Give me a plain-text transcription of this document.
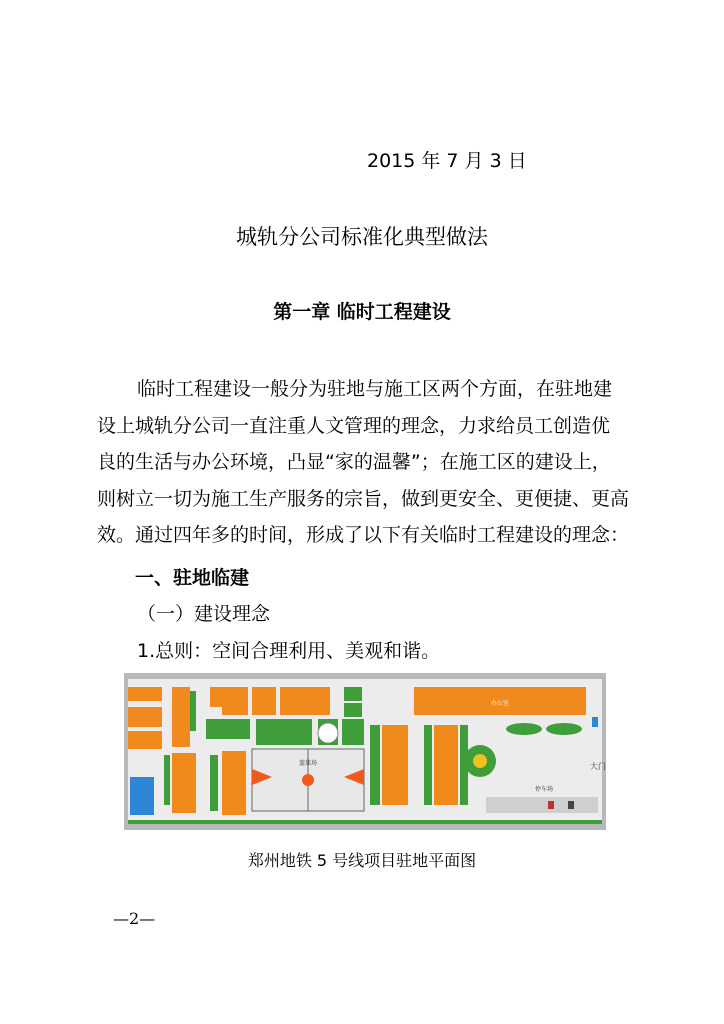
2015 年 7 月 3 日
城轨分公司标准化典型做法
第一章 临时工程建设

临时工程建设一般分为驻地与施工区两个方面，在驻地建

设上城轨分公司一直注重人文管理的理念，力求给员工创造优

良的生活与办公环境，凸显“家的温馨”；在施工区的建设上，

则树立一切为施工生产服务的宗旨，做到更安全、更便捷、更高

效。通过四年多的时间，形成了以下有关临时工程建设的理念：

一、驻地临建
（一）建设理念
1.总则：空间合理利用、美观和谐。
篮球场
办公室
停车场
大门
郑州地铁 5 号线项目驻地平面图
—2—
